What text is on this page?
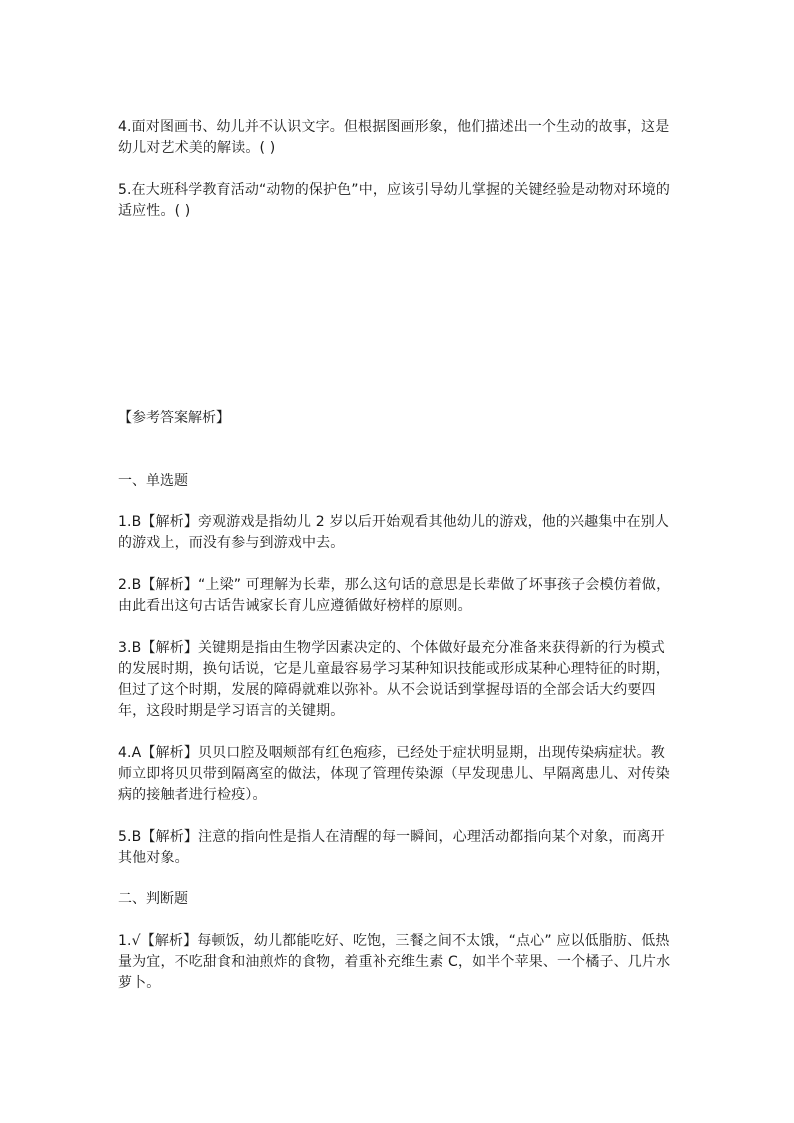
4.面对图画书、幼儿并不认识文字。但根据图画形象，他们描述出一个生动的故事，这是幼儿对艺术美的解读。( )

5.在大班科学教育活动“动物的保护色”中，应该引导幼儿掌握的关键经验是动物对环境的适应性。( )

【参考答案解析】

一、单选题

1.B【解析】旁观游戏是指幼儿 2 岁以后开始观看其他幼儿的游戏，他的兴趣集中在别人的游戏上，而没有参与到游戏中去。

2.B【解析】“上梁” 可理解为长辈，那么这句话的意思是长辈做了坏事孩子会模仿着做，由此看出这句古话告诫家长育儿应遵循做好榜样的原则。

3.B【解析】关键期是指由生物学因素决定的、个体做好最充分准备来获得新的行为模式的发展时期，换句话说，它是儿童最容易学习某种知识技能或形成某种心理特征的时期，但过了这个时期，发展的障碍就难以弥补。从不会说话到掌握母语的全部会话大约要四年，这段时期是学习语言的关键期。

4.A【解析】贝贝口腔及咽颊部有红色疱疹，已经处于症状明显期，出现传染病症状。教师立即将贝贝带到隔离室的做法，体现了管理传染源（早发现患儿、早隔离患儿、对传染病的接触者进行检疫）。

5.B【解析】注意的指向性是指人在清醒的每一瞬间，心理活动都指向某个对象，而离开其他对象。

二、判断题

1.√【解析】每顿饭，幼儿都能吃好、吃饱，三餐之间不太饿，“点心” 应以低脂肪、低热量为宜，不吃甜食和油煎炸的食物，着重补充维生素 C，如半个苹果、一个橘子、几片水萝卜。
